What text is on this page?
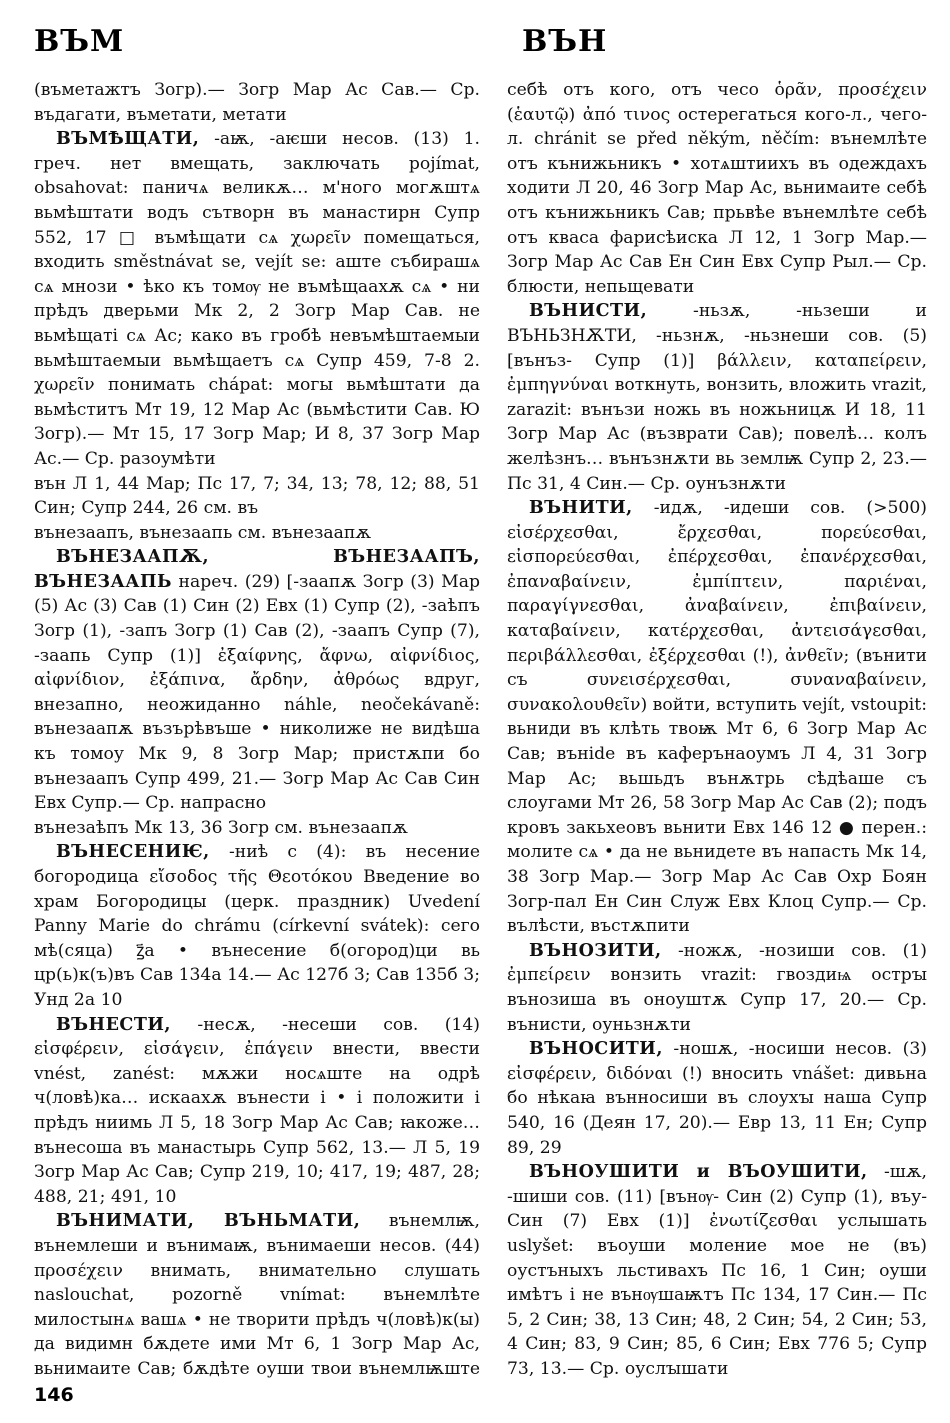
ВЪМ	ВЪН

(въметажтъ Зогр).— Зогр Мар Ас Сав.— Ср. въдагати, въметати, метати

ВЪМѢЩАТИ, -аѭ, -аѥши несов. (13) 1. греч. нет вмещать, заключать pojímat, obsahovat: паничѧ великѫ… м'ного могѫштѧ вьмѣштати водъ сътворн въ манастирн Супр 552, 17 □ въмѣщати сѧ χωρεῖν помещаться, входить směstnávat se, vejít se: аште събирашѧ сѧ мнози • ѣко къ томѹ не въмѣщаахѫ сѧ • ни прѣдъ дверьми Мк 2, 2 Зогр Мар Сав. не вьмѣщаті сѧ Ас; како въ гробѣ невъмѣштаемыи вьмѣштаемыи вьмѣщаетъ сѧ Супр 459, 7-8 2. χωρεῖν понимать chápat: могы вьмѣштати да вьмѣститъ Мт 19, 12 Мар Ас (вьмѣстити Сав. Ю Зогр).— Мт 15, 17 Зогр Мар; И 8, 37 Зогр Мар Ас.— Ср. разоумѣти

вън Л 1, 44 Мар; Пс 17, 7; 34, 13; 78, 12; 88, 51 Син; Супр 244, 26 см. въ

вънезаапъ, вънезаапь см. вънезаапѫ

ВЪНЕЗААПѪ, ВЪНЕЗААПЪ, ВЪНЕЗААПЬ нареч. (29) [-заапѫ Зогр (3) Мар (5) Ас (3) Сав (1) Син (2) Евх (1) Супр (2), -заѣпъ Зогр (1), -запъ Зогр (1) Сав (2), -заапъ Супр (7), -заапь Супр (1)] ἐξαίφνης, ἄφνω, αἰφνίδιος, αἰφνίδιον, ἐξάπινα, ἄρδην, ἀθρόως вдруг, внезапно, неожиданно náhle, neočekávaně: вънезаапѫ възърѣвъше • николиже не видѣша къ томоу Мк 9, 8 Зогр Мар; пристѫпи бо вънезаапъ Супр 499, 21.— Зогр Мар Ас Сав Син Евх Супр.— Ср. напрасно

вънезаѣпъ Мк 13, 36 Зогр см. вънезаапѫ

ВЪНЕСЕНИѤ, -ниѣ с (4): въ несение богородица εἴσοδος τῆς Θεοτόκου Введение во храм Богородицы (церк. праздник) Uvedení Panny Marie do chrámu (církevní svátek): сего мѣ(сяца) ꙁ҃а • вънесение б(огород)ци вь цр(ь)к(ъ)въ Сав 134а 14.— Ас 127б 3; Сав 135б 3; Унд 2а 10

ВЪНЕСТИ, -несѫ, -несеши сов. (14) εἰσφέρειν, εἰσάγειν, ἐπάγειν внести, ввести vnést, zanést: мѫжи носѧште на одрѣ ч(ловѣ)ка… искаахѫ вънести і • і положити і прѣдъ ниимь Л 5, 18 Зогр Мар Ас Сав; ꙗкоже… вънесоша въ манастырь Супр 562, 13.— Л 5, 19 Зогр Мар Ас Сав; Супр 219, 10; 417, 19; 487, 28; 488, 21; 491, 10

ВЪНИМАТИ, ВЪНЬМАТИ, вънемлѭ, вънемлеши и вънимаѭ, вънимаеши несов. (44) προσέχειν внимать, внимательно слушать naslouchat, pozorně vnímat: вънемлѣте милостынѧ вашѧ • не творити прѣдъ ч(ловѣ)к(ы) да видимн бѫдете ими Мт 6, 1 Зогр Мар Ас, вьнимаите Сав; бѫдѣте оуши твои вънемлѭште

себѣ отъ кого, отъ чесо ὁρᾶν, προσέχειν (ἑαυτῷ) ἀπό τινος остерегаться кого-л., чего-л. chránit se před někým, něčím: вънемлѣте отъ кънижьникъ • хотѧштиихъ въ одеждахъ ходити Л 20, 46 Зогр Мар Ас, вьнимаите себѣ отъ кънижьникъ Сав; прьвѣе вънемлѣте себѣ отъ кваса фарисѣиска Л 12, 1 Зогр Мар.— Зогр Мар Ас Сав Ен Син Евх Супр Рыл.— Ср. блюсти, непьщевати

ВЪНИСТИ, -ньзѫ, -ньзеши и ВЪНЬЗНѪТИ, -ньзнѫ, -ньзнеши сов. (5) [вънъз- Супр (1)] βάλλειν, καταπείρειν, ἐμπηγνύναι воткнуть, вонзить, вложить vrazit, zarazit: вънъзи ножь въ ножьницѫ И 18, 11 Зогр Мар Ас (възврати Сав); повелѣ… колъ желѣзнъ… вънъзнѫти вь землѭ Супр 2, 23.— Пс 31, 4 Син.— Ср. оунъзнѫти

ВЪНИТИ, -идѫ, -идеши сов. (>500) εἰσέρχεσθαι, ἔρχεσθαι, πορεύεσθαι, εἰσπορεύεσθαι, ἐπέρχεσθαι, ἐπανέρχεσθαι, ἐπαναβαίνειν, ἐμπίπτειν, παριέναι, παραγίγνεσθαι, ἀναβαίνειν, ἐπιβαίνειν, καταβαίνειν, κατέρχεσθαι, ἀντεισάγεσθαι, περιβάλλεσθαι, ἐξέρχεσθαι (!), ἀνθεῖν; (вънити съ συνεισέρχεσθαι, συναναβαίνειν, συνακολουθεῖν) войти, вступить vejít, vstoupit: вьниди въ клѣть твоѭ Мт 6, 6 Зогр Мар Ас Сав; вънide въ каферънаоумъ Л 4, 31 Зогр Мар Ас; вьшьдъ вънѫтрь сѣдѣаше съ слоугами Мт 26, 58 Зогр Мар Ас Сав (2); подъ кровъ закьхеовъ вьнити Евх 146 12 ● перен.: молите сѧ • да не вьнидете въ напасть Мк 14, 38 Зогр Мар.— Зогр Мар Ас Сав Охр Боян Зогр-пал Ен Син Служ Евх Клоц Супр.— Ср. вълѣсти, въстѫпити

ВЪНОЗИТИ, -ножѫ, -нозиши сов. (1) ἐμπείρειν вонзить vrazit: гвоздиѩ острꙑ вънозиша въ оноуштѫ Супр 17, 20.— Ср. вънисти, оуньзнѫти

ВЪНОСИТИ, -ношѫ, -носиши несов. (3) εἰσφέρειν, διδόναι (!) вносить vnášet: дивьна бо нѣкаꙗ вънносиши въ слоухꙑ наша Супр 540, 16 (Деян 17, 20).— Евр 13, 11 Ен; Супр 89, 29

ВЪНОУШИТИ и ВЪОУШИТИ, -шѫ, -шиши сов. (11) [вънѹ- Син (2) Супр (1), въу- Син (7) Евх (1)] ἐνωτίζεσθαι услышать uslyšet: въоуши моление мое не (въ) оустъныхъ льстивахъ Пс 16, 1 Син; оуши имѣтъ і не вънѹшаѭтъ Пс 134, 17 Син.— Пс 5, 2 Син; 38, 13 Син; 48, 2 Син; 54, 2 Син; 53, 4 Син; 83, 9 Син; 85, 6 Син; Евх 776 5; Супр 73, 13.— Ср. оуслꙑшати

146
